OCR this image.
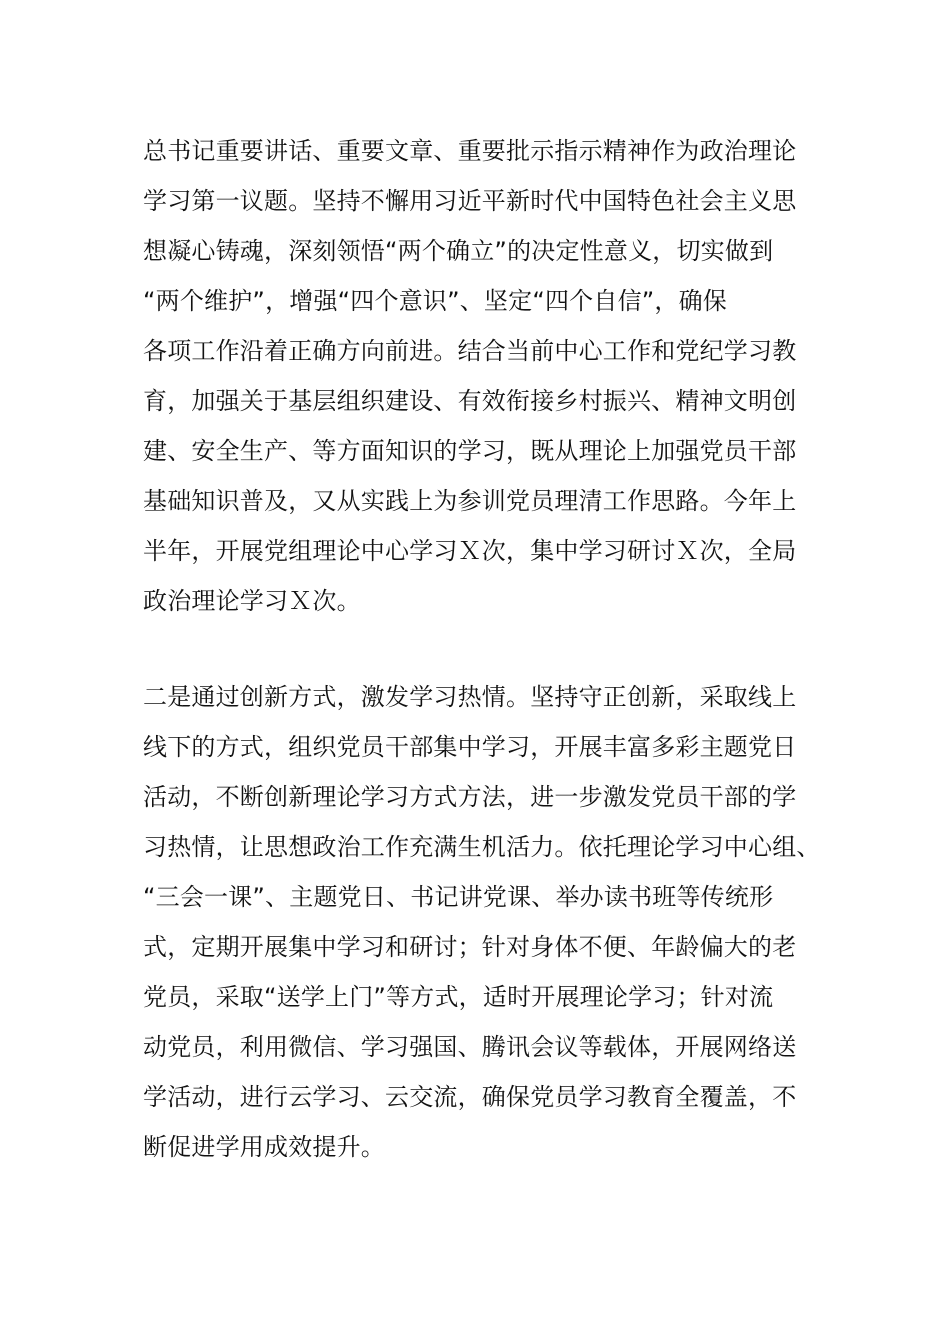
总书记重要讲话、重要文章、重要批示指示精神作为政治理论
学习第一议题。坚持不懈用习近平新时代中国特色社会主义思
想凝心铸魂，深刻领悟“两个确立”的决定性意义，切实做到
“两个维护”，增强“四个意识”、坚定“四个自信”，确保
各项工作沿着正确方向前进。结合当前中心工作和党纪学习教
育，加强关于基层组织建设、有效衔接乡村振兴、精神文明创
建、安全生产、等方面知识的学习，既从理论上加强党员干部
基础知识普及，又从实践上为参训党员理清工作思路。今年上
半年，开展党组理论中心学习Ｘ次，集中学习研讨Ｘ次，全局
政治理论学习Ｘ次。
二是通过创新方式，激发学习热情。坚持守正创新，采取线上
线下的方式，组织党员干部集中学习，开展丰富多彩主题党日
活动，不断创新理论学习方式方法，进一步激发党员干部的学
习热情，让思想政治工作充满生机活力。依托理论学习中心组、
“三会一课”、主题党日、书记讲党课、举办读书班等传统形
式，定期开展集中学习和研讨；针对身体不便、年龄偏大的老
党员，采取“送学上门”等方式，适时开展理论学习；针对流
动党员，利用微信、学习强国、腾讯会议等载体，开展网络送
学活动，进行云学习、云交流，确保党员学习教育全覆盖，不
断促进学用成效提升。
